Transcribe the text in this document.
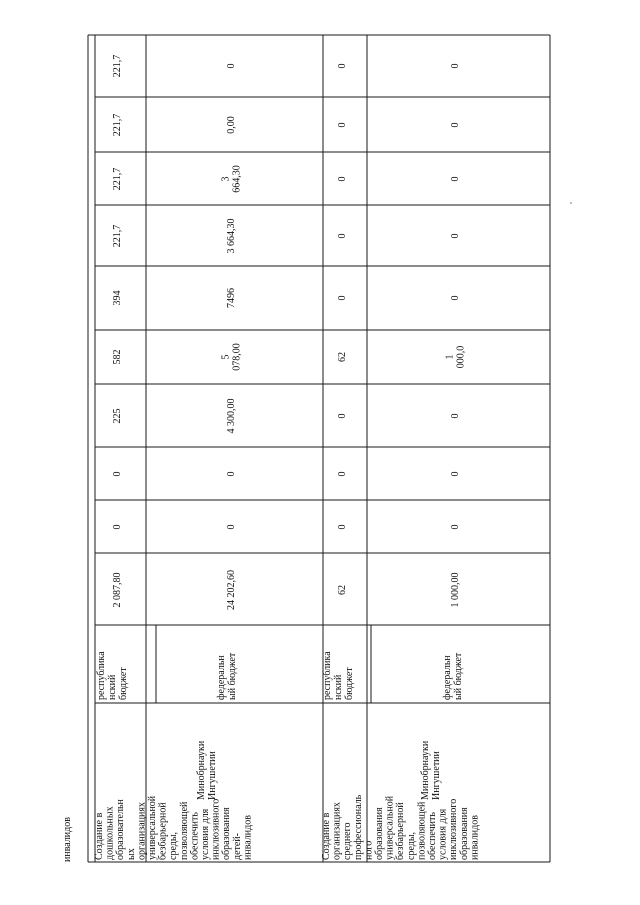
инвалидов Создание в дошкольных образовательн ых организациях универсальной безбарьерной среды, позволяющей обеспечить условия для инклюзивного образования детей- инвалидов
Минобрнауки Ингушетии
республика нский бюджет
2 087,80
0
0
225
582
394
221,7
221,7
221,7
221,7
федеральн ый бюджет
24 202,60
0
0
4 300,00
5 078,00
7496
3 664,30
3 664,30
0,00
0
Создание в организациях среднего профессиональ ного образования универсальной безбарьерной среды, позволяющей обеспечить условия для инклюзивного образования инвалидов
Минобрнауки Ингушетии
республика нский бюджет
62
0
0
0
62
0
0
0
0
0
федеральн ый бюджет
1 000,00
0
0
0
1 000,0
0
0
0
0
0
